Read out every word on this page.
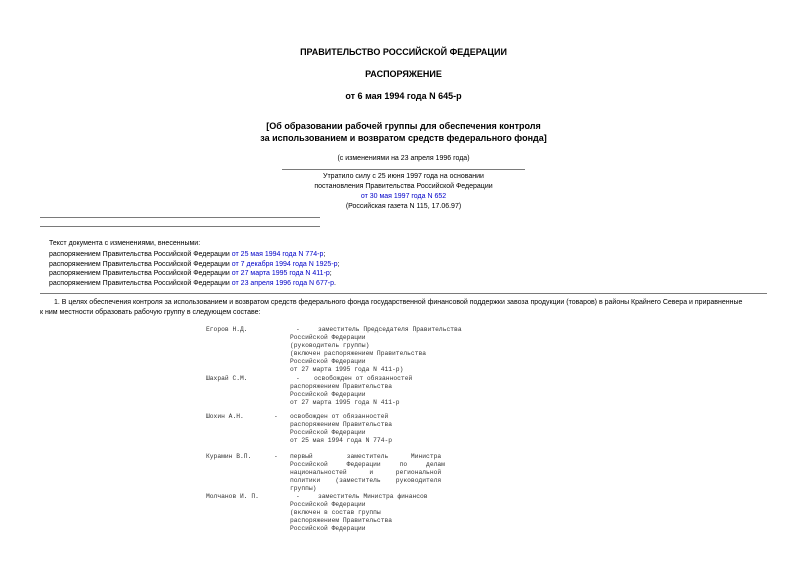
ПРАВИТЕЛЬСТВО РОССИЙСКОЙ ФЕДЕРАЦИИ
РАСПОРЯЖЕНИЕ
от 6 мая 1994 года N 645-р
[Об образовании рабочей группы для обеспечения контроля
за использованием и возвратом средств федерального фонда]
(с изменениями на 23 апреля 1996 года)
Утратило силу с 25 июня 1997 года на основании
постановления Правительства Российской Федерации
от 30 мая 1997 года N 652
(Российская газета N 115, 17.06.97)
Текст документа с изменениями, внесенными:
распоряжением Правительства Российской Федерации от 25 мая 1994 года N 774-р;
распоряжением Правительства Российской Федерации от 7 декабря 1994 года N 1925-р;
распоряжением Правительства Российской Федерации от 27 марта 1995 года N 411-р;
распоряжением Правительства Российской Федерации от 23 апреля 1996 года N 677-р.
1. В целях обеспечения контроля за использованием и возвратом средств федерального фонда государственной финансовой поддержки завоза продукции (товаров) в районы Крайнего Севера и приравненные
к ним местности образовать рабочую группу в следующем составе:
Егоров Н.Д.	-	заместитель Председателя Правительства
Российской Федерации
(руководитель группы)
(включен распоряжением Правительства
Российской Федерации
от 27 марта 1995 года N 411-р)
Шахрай С.М.	- освобожден от обязанностей
распоряжением Правительства
Российской Федерации
от 27 марта 1995 года N 411-р
Шохин А.Н.	- освобожден от обязанностей
распоряжением Правительства
Российской Федерации
от 25 мая 1994 года N 774-р
Курамин В.П.	- первый         заместитель      Министра
Российской     Федерации     по     делам
национальностей      и      региональной
политики    (заместитель    руководителя
группы)
Молчанов И. П.	-	заместитель Министра финансов
Российской Федерации
(включен в состав группы
распоряжением Правительства
Российской Федерации
